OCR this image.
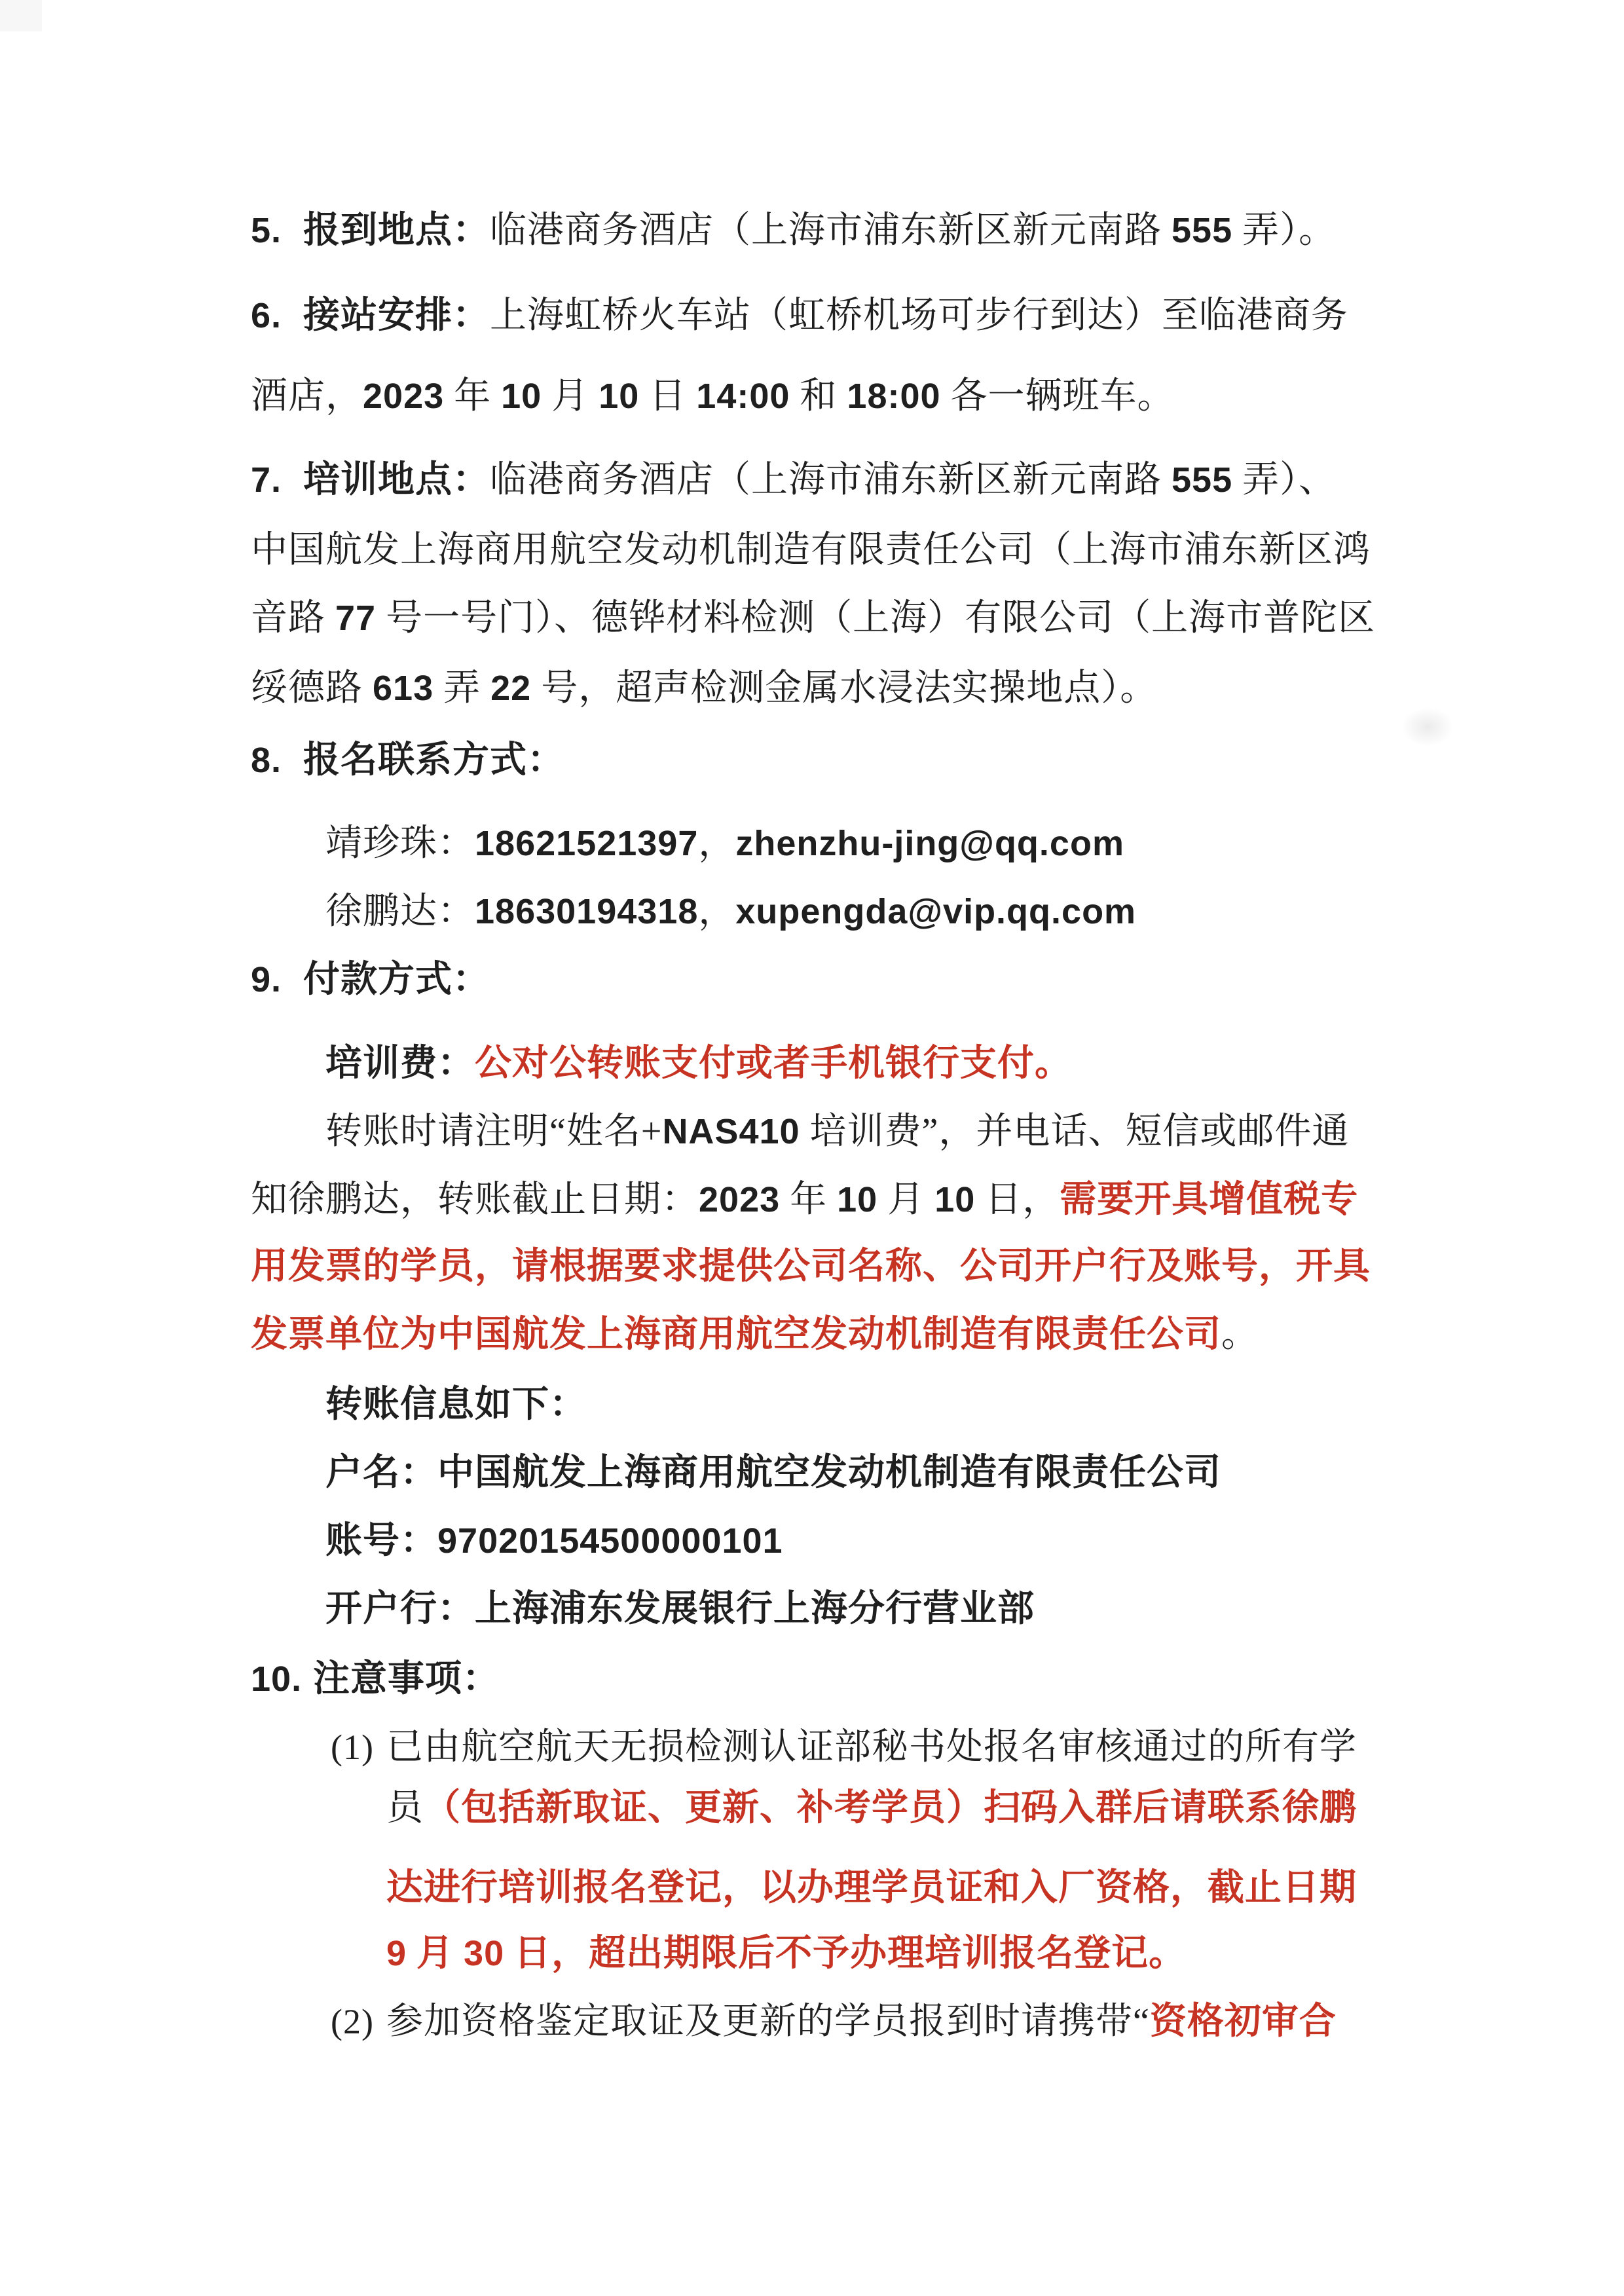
5. 报到地点：临港商务酒店（上海市浦东新区新元南路 555 弄）。
6. 接站安排：上海虹桥火车站（虹桥机场可步行到达）至临港商务
酒店，2023 年 10 月 10 日 14:00 和 18:00 各一辆班车。
7. 培训地点：临港商务酒店（上海市浦东新区新元南路 555 弄）、
中国航发上海商用航空发动机制造有限责任公司（上海市浦东新区鸿
音路 77 号一号门）、德铧材料检测（上海）有限公司（上海市普陀区
绥德路 613 弄 22 号，超声检测金属水浸法实操地点）。
8. 报名联系方式：
靖珍珠：18621521397，zhenzhu-jing@qq.com
徐鹏达：18630194318，xupengda@vip.qq.com
9. 付款方式：
培训费：公对公转账支付或者手机银行支付。
转账时请注明“姓名+NAS410 培训费”，并电话、短信或邮件通
知徐鹏达，转账截止日期：2023 年 10 月 10 日，需要开具增值税专
用发票的学员，请根据要求提供公司名称、公司开户行及账号，开具
发票单位为中国航发上海商用航空发动机制造有限责任公司。
转账信息如下：
户名：中国航发上海商用航空发动机制造有限责任公司
账号：97020154500000101
开户行：上海浦东发展银行上海分行营业部
10. 注意事项：
(1) 已由航空航天无损检测认证部秘书处报名审核通过的所有学
员（包括新取证、更新、补考学员）扫码入群后请联系徐鹏
达进行培训报名登记，以办理学员证和入厂资格，截止日期
9 月 30 日，超出期限后不予办理培训报名登记。
(2) 参加资格鉴定取证及更新的学员报到时请携带“资格初审合
